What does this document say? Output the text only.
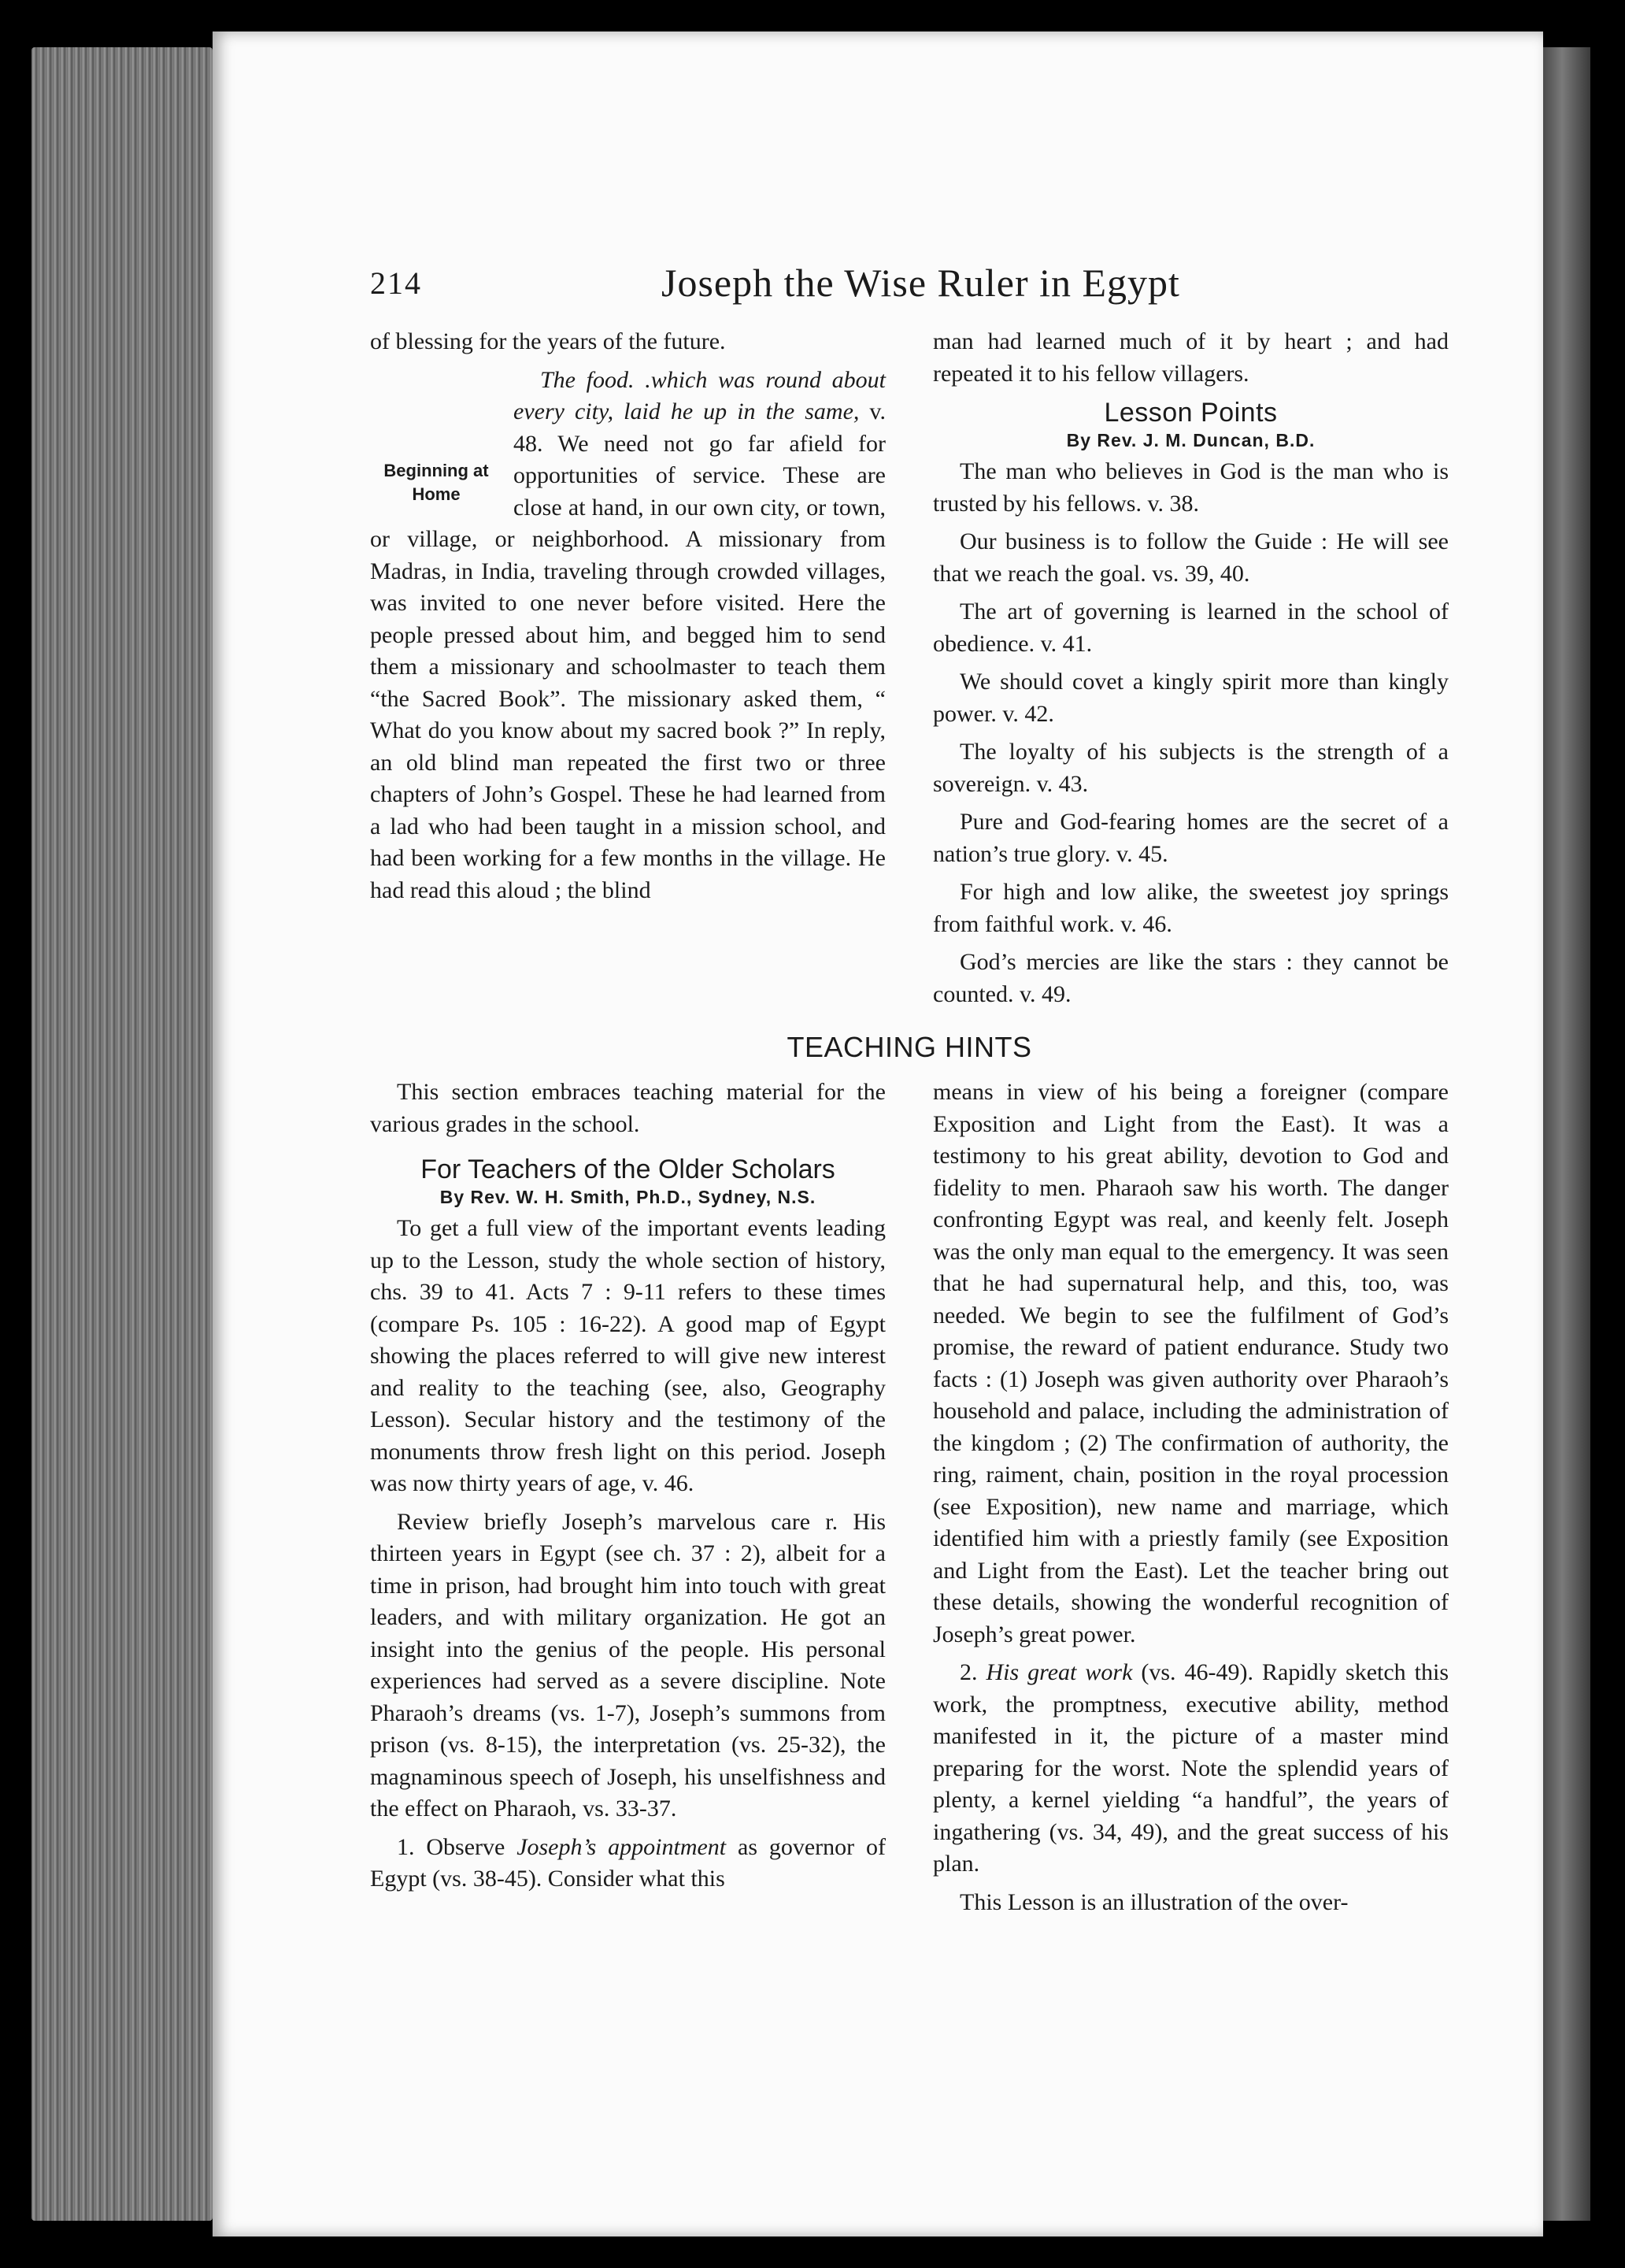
214	Joseph the Wise Ruler in Egypt

of blessing for the years of the future.

Beginning at
Home

The food. .which was round about every city, laid he up in the same, v. 48. We need not go far afield for opportunities of service. These are close at hand, in our own city, or town, or village, or neighborhood. A missionary from Madras, in India, traveling through crowded villages, was invited to one never before visited. Here the people pressed about him, and begged him to send them a missionary and schoolmaster to teach them “the Sacred Book”. The missionary asked them, “ What do you know about my sacred book ?” In reply, an old blind man repeated the first two or three chapters of John’s Gospel. These he had learned from a lad who had been taught in a mission school, and had been working for a few months in the village. He had read this aloud ; the blind

man had learned much of it by heart ; and had repeated it to his fellow villagers.

Lesson Points
By Rev. J. M. Duncan, B.D.

The man who believes in God is the man who is trusted by his fellows. v. 38.

Our business is to follow the Guide : He will see that we reach the goal. vs. 39, 40.

The art of governing is learned in the school of obedience. v. 41.

We should covet a kingly spirit more than kingly power. v. 42.

The loyalty of his subjects is the strength of a sovereign. v. 43.

Pure and God-fearing homes are the secret of a nation’s true glory. v. 45.

For high and low alike, the sweetest joy springs from faithful work. v. 46.

God’s mercies are like the stars : they cannot be counted. v. 49.

TEACHING HINTS

This section embraces teaching material for the various grades in the school.

For Teachers of the Older Scholars
By Rev. W. H. Smith, Ph.D., Sydney, N.S.

To get a full view of the important events leading up to the Lesson, study the whole section of history, chs. 39 to 41. Acts 7 : 9-11 refers to these times (compare Ps. 105 : 16-22). A good map of Egypt showing the places referred to will give new interest and reality to the teaching (see, also, Geography Lesson). Secular history and the testimony of the monuments throw fresh light on this period. Joseph was now thirty years of age, v. 46.

Review briefly Joseph’s marvelous care r. His thirteen years in Egypt (see ch. 37 : 2), albeit for a time in prison, had brought him into touch with great leaders, and with military organization. He got an insight into the genius of the people. His personal experiences had served as a severe discipline. Note Pharaoh’s dreams (vs. 1-7), Joseph’s summons from prison (vs. 8-15), the interpretation (vs. 25-32), the magnaminous speech of Joseph, his unselfishness and the effect on Pharaoh, vs. 33-37.

1. Observe Joseph’s appointment as governor of Egypt (vs. 38-45). Consider what this

means in view of his being a foreigner (compare Exposition and Light from the East). It was a testimony to his great ability, devotion to God and fidelity to men. Pharaoh saw his worth. The danger confronting Egypt was real, and keenly felt. Joseph was the only man equal to the emergency. It was seen that he had supernatural help, and this, too, was needed. We begin to see the fulfilment of God’s promise, the reward of patient endurance. Study two facts : (1) Joseph was given authority over Pharaoh’s household and palace, including the administration of the kingdom ; (2) The confirmation of authority, the ring, raiment, chain, position in the royal procession (see Exposition), new name and marriage, which identified him with a priestly family (see Exposition and Light from the East). Let the teacher bring out these details, showing the wonderful recognition of Joseph’s great power.

2. His great work (vs. 46-49). Rapidly sketch this work, the promptness, executive ability, method manifested in it, the picture of a master mind preparing for the worst. Note the splendid years of plenty, a kernel yielding “a handful”, the years of ingathering (vs. 34, 49), and the great success of his plan.

This Lesson is an illustration of the over-
